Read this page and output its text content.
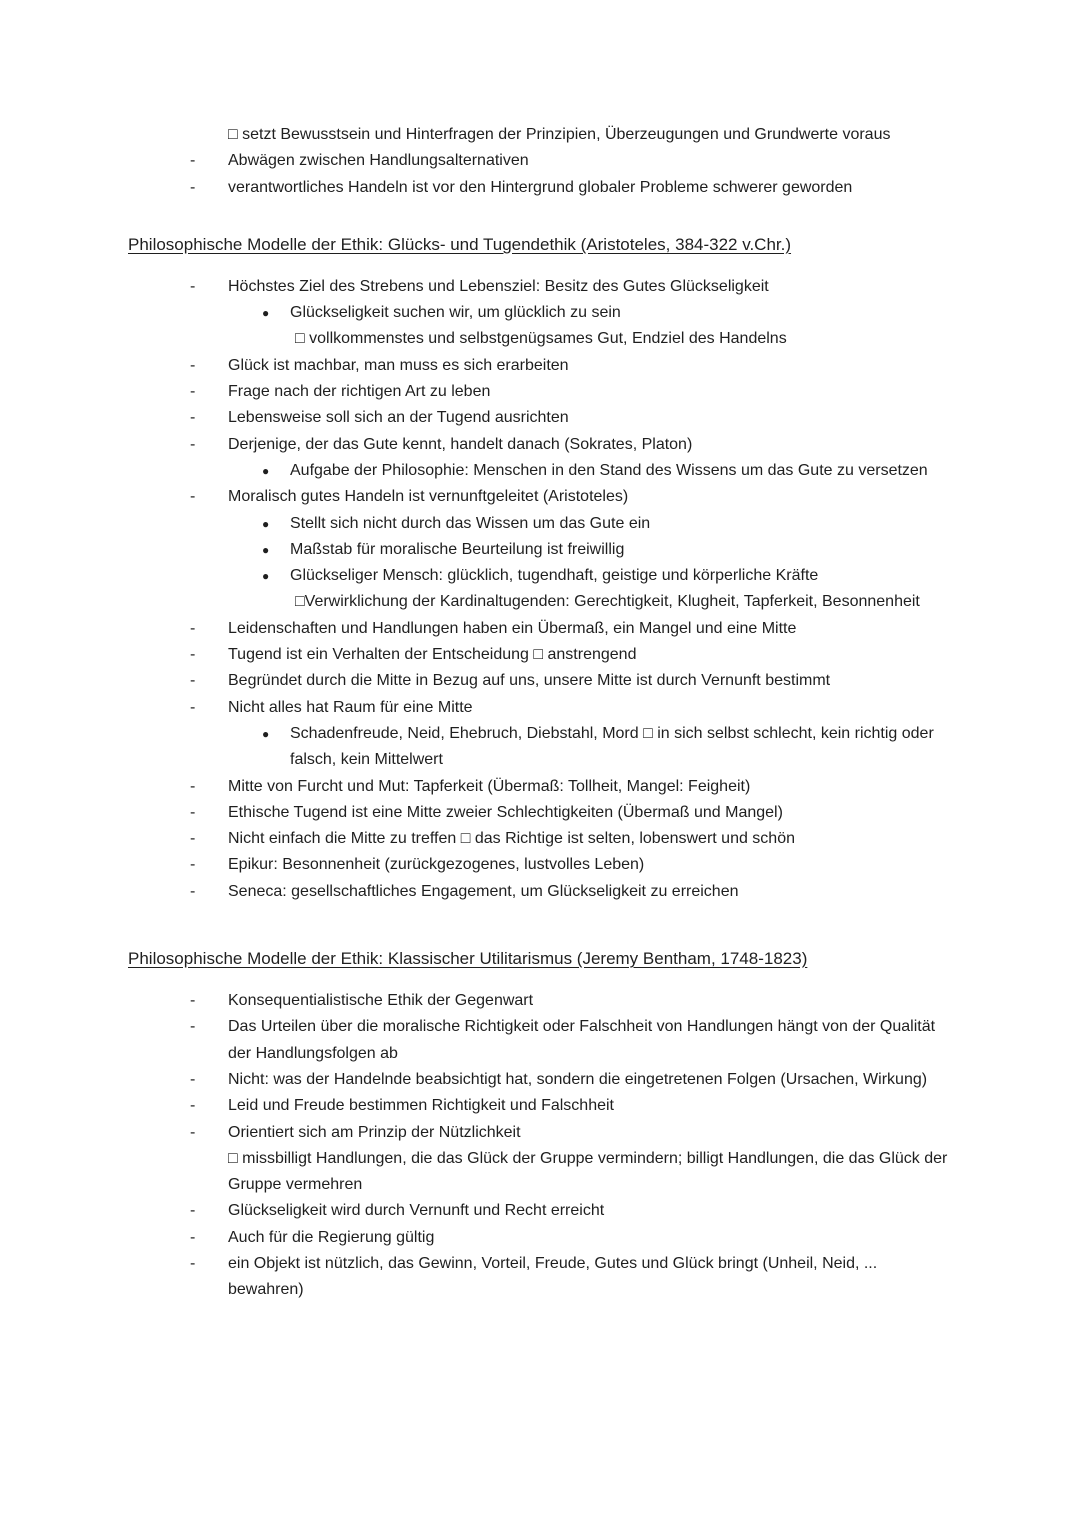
□ setzt Bewusstsein und Hinterfragen der Prinzipien, Überzeugungen und Grundwerte voraus
- Abwägen zwischen Handlungsalternativen
- verantwortliches Handeln ist vor den Hintergrund globaler Probleme schwerer geworden
Philosophische Modelle der Ethik: Glücks- und Tugendethik (Aristoteles, 384-322 v.Chr.)
- Höchstes Ziel des Strebens und Lebensziel: Besitz des Gutes Glückseligkeit
● Glückseligkeit suchen wir, um glücklich zu sein
□ vollkommenstes und selbstgenügsames Gut, Endziel des Handelns
- Glück ist machbar, man muss es sich erarbeiten
- Frage nach der richtigen Art zu leben
- Lebensweise soll sich an der Tugend ausrichten
- Derjenige, der das Gute kennt, handelt danach (Sokrates, Platon)
● Aufgabe der Philosophie: Menschen in den Stand des Wissens um das Gute zu versetzen
- Moralisch gutes Handeln ist vernunftgeleitet (Aristoteles)
● Stellt sich nicht durch das Wissen um das Gute ein
● Maßstab für moralische Beurteilung ist freiwillig
● Glückseliger Mensch: glücklich, tugendhaft, geistige und körperliche Kräfte
□Verwirklichung der Kardinaltugenden: Gerechtigkeit, Klugheit, Tapferkeit, Besonnenheit
- Leidenschaften und Handlungen haben ein Übermaß, ein Mangel und eine Mitte
- Tugend ist ein Verhalten der Entscheidung □ anstrengend
- Begründet durch die Mitte in Bezug auf uns, unsere Mitte ist durch Vernunft bestimmt
- Nicht alles hat Raum für eine Mitte
● Schadenfreude, Neid, Ehebruch, Diebstahl, Mord □ in sich selbst schlecht, kein richtig oder falsch, kein Mittelwert
- Mitte von Furcht und Mut: Tapferkeit (Übermaß: Tollheit, Mangel: Feigheit)
- Ethische Tugend ist eine Mitte zweier Schlechtigkeiten (Übermaß und Mangel)
- Nicht einfach die Mitte zu treffen □ das Richtige ist selten, lobenswert und schön
- Epikur: Besonnenheit (zurückgezogenes, lustvolles Leben)
- Seneca: gesellschaftliches Engagement, um Glückseligkeit zu erreichen
Philosophische Modelle der Ethik: Klassischer Utilitarismus (Jeremy Bentham, 1748-1823)
- Konsequentialistische Ethik der Gegenwart
- Das Urteilen über die moralische Richtigkeit oder Falschheit von Handlungen hängt von der Qualität der Handlungsfolgen ab
- Nicht: was der Handelnde beabsichtigt hat, sondern die eingetretenen Folgen (Ursachen, Wirkung)
- Leid und Freude bestimmen Richtigkeit und Falschheit
- Orientiert sich am Prinzip der Nützlichkeit
□ missbilligt Handlungen, die das Glück der Gruppe vermindern; billigt Handlungen, die das Glück der Gruppe vermehren
- Glückseligkeit wird durch Vernunft und Recht erreicht
- Auch für die Regierung gültig
- ein Objekt ist nützlich, das Gewinn, Vorteil, Freude, Gutes und Glück bringt (Unheil, Neid, ... bewahren)
